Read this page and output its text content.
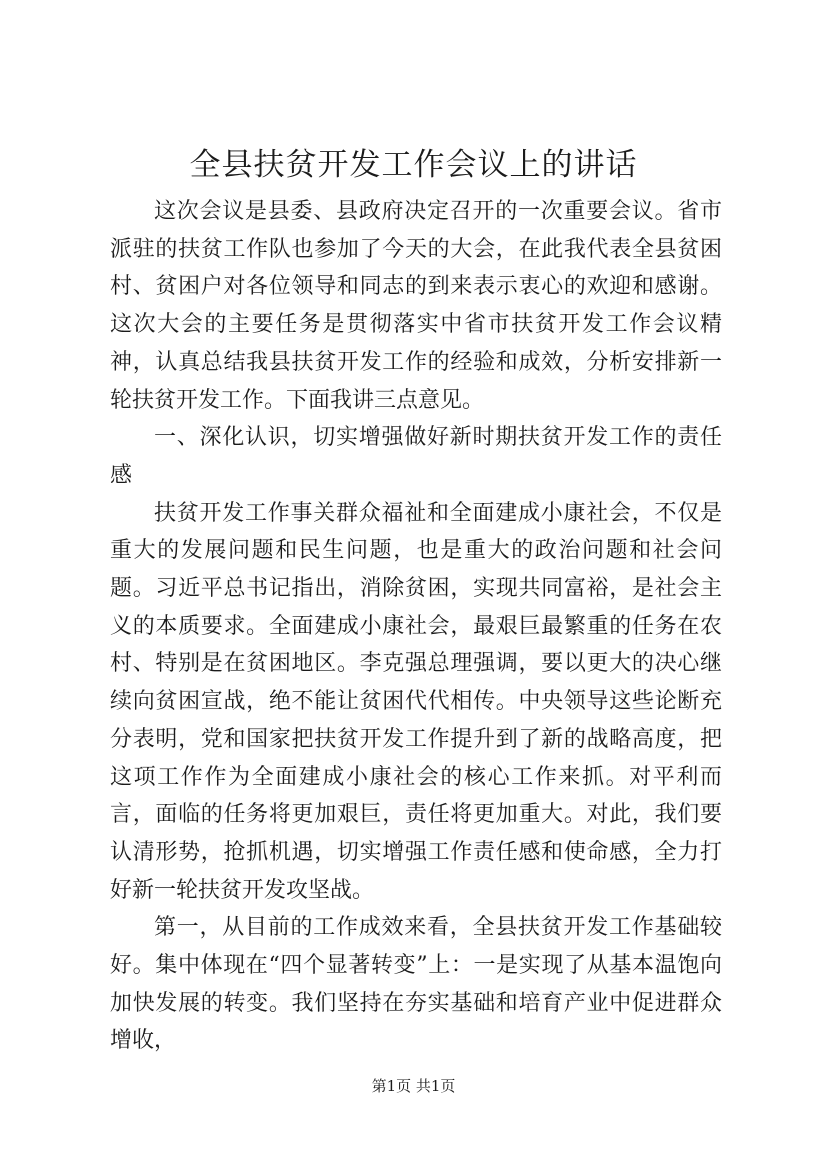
全县扶贫开发工作会议上的讲话

这次会议是县委、县政府决定召开的一次重要会议。省市派驻的扶贫工作队也参加了今天的大会，在此我代表全县贫困村、贫困户对各位领导和同志的到来表示衷心的欢迎和感谢。这次大会的主要任务是贯彻落实中省市扶贫开发工作会议精神，认真总结我县扶贫开发工作的经验和成效，分析安排新一轮扶贫开发工作。下面我讲三点意见。

一、深化认识，切实增强做好新时期扶贫开发工作的责任感

扶贫开发工作事关群众福祉和全面建成小康社会，不仅是重大的发展问题和民生问题，也是重大的政治问题和社会问题。习近平总书记指出，消除贫困，实现共同富裕，是社会主义的本质要求。全面建成小康社会，最艰巨最繁重的任务在农村、特别是在贫困地区。李克强总理强调，要以更大的决心继续向贫困宣战，绝不能让贫困代代相传。中央领导这些论断充分表明，党和国家把扶贫开发工作提升到了新的战略高度，把这项工作作为全面建成小康社会的核心工作来抓。对平利而言，面临的任务将更加艰巨，责任将更加重大。对此，我们要认清形势，抢抓机遇，切实增强工作责任感和使命感，全力打好新一轮扶贫开发攻坚战。

第一，从目前的工作成效来看，全县扶贫开发工作基础较好。集中体现在“四个显著转变”上：一是实现了从基本温饱向加快发展的转变。我们坚持在夯实基础和培育产业中促进群众增收，

第1页 共1页
